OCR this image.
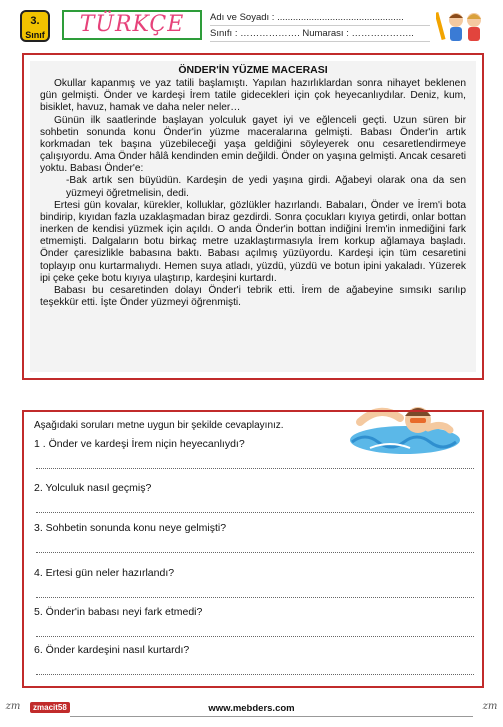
3.
Sınıf	TÜRKÇE	Adı ve Soyadı : ................................................
Sınıfı : ………………. Numarası : ………………..
ÖNDER'İN YÜZME MACERASI

Okullar kapanmış ve yaz tatili başlamıştı. Yapılan hazırlıklardan sonra nihayet beklenen gün gelmişti. Önder ve kardeşi İrem tatile gidecekleri için çok heyecanlıydılar. Deniz, kum, bisiklet, havuz, hamak ve daha neler neler…

Günün ilk saatlerinde başlayan yolculuk gayet iyi ve eğlenceli geçti. Uzun süren bir sohbetin sonunda konu Önder'in yüzme maceralarına gelmişti. Babası Önder'in artık korkmadan tek başına yüzebileceği yaşa geldiğini söyleyerek onu cesaretlendirmeye çalışıyordu. Ama Önder hâlâ kendinden emin değildi. Önder on yaşına gelmişti. Ancak cesareti yoktu. Babası Önder'e:

-Bak artık sen büyüdün. Kardeşin de yedi yaşına girdi. Ağabeyi olarak ona da sen yüzmeyi öğretmelisin, dedi.

Ertesi gün kovalar, kürekler, kolluklar, gözlükler hazırlandı. Babaları, Önder ve İrem'i bota bindirip, kıyıdan fazla uzaklaşmadan biraz gezdirdi. Sonra çocukları kıyıya getirdi, onlar bottan inerken de kendisi yüzmek için açıldı. O anda Önder'in bottan indiğini İrem'in inmediğini fark etmemişti. Dalgaların botu birkaç metre uzaklaştırmasıyla İrem korkup ağlamaya başladı. Önder çaresizlikle babasına baktı. Babası açılmış yüzüyordu. Kardeşi için tüm cesaretini toplayıp onu kurtarmalıydı. Hemen suya atladı, yüzdü, yüzdü ve botun ipini yakaladı. Yüzerek ipi çeke çeke botu kıyıya ulaştırıp, kardeşini kurtardı.

Babası bu cesaretinden dolayı Önder'i tebrik etti. İrem de ağabeyine sımsıkı sarılıp teşekkür etti. İşte Önder yüzmeyi öğrenmişti.

Aşağıdaki soruları metne uygun bir şekilde cevaplayınız.
1 . Önder ve kardeşi İrem niçin heyecanlıydı?
2. Yolculuk nasıl geçmiş?
3. Sohbetin sonunda konu neye gelmişti?
4. Ertesi gün neler hazırlandı?
5. Önder'in babası neyi fark etmedi?
6. Önder kardeşini nasıl kurtardı?
zm	zmacit58	www.mebders.com	zm
